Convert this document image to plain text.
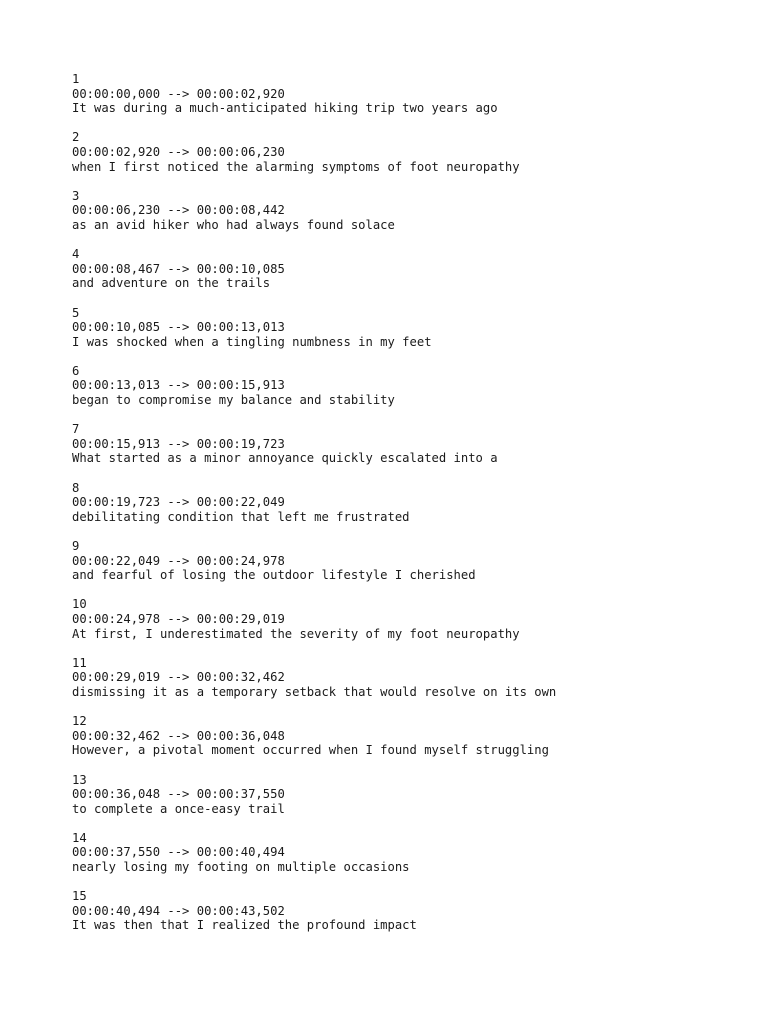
1
00:00:00,000 --> 00:00:02,920
It was during a much-anticipated hiking trip two years ago
2
00:00:02,920 --> 00:00:06,230
when I first noticed the alarming symptoms of foot neuropathy
3
00:00:06,230 --> 00:00:08,442
as an avid hiker who had always found solace
4
00:00:08,467 --> 00:00:10,085
and adventure on the trails
5
00:00:10,085 --> 00:00:13,013
I was shocked when a tingling numbness in my feet
6
00:00:13,013 --> 00:00:15,913
began to compromise my balance and stability
7
00:00:15,913 --> 00:00:19,723
What started as a minor annoyance quickly escalated into a
8
00:00:19,723 --> 00:00:22,049
debilitating condition that left me frustrated
9
00:00:22,049 --> 00:00:24,978
and fearful of losing the outdoor lifestyle I cherished
10
00:00:24,978 --> 00:00:29,019
At first, I underestimated the severity of my foot neuropathy
11
00:00:29,019 --> 00:00:32,462
dismissing it as a temporary setback that would resolve on its own
12
00:00:32,462 --> 00:00:36,048
However, a pivotal moment occurred when I found myself struggling
13
00:00:36,048 --> 00:00:37,550
to complete a once-easy trail
14
00:00:37,550 --> 00:00:40,494
nearly losing my footing on multiple occasions
15
00:00:40,494 --> 00:00:43,502
It was then that I realized the profound impact
